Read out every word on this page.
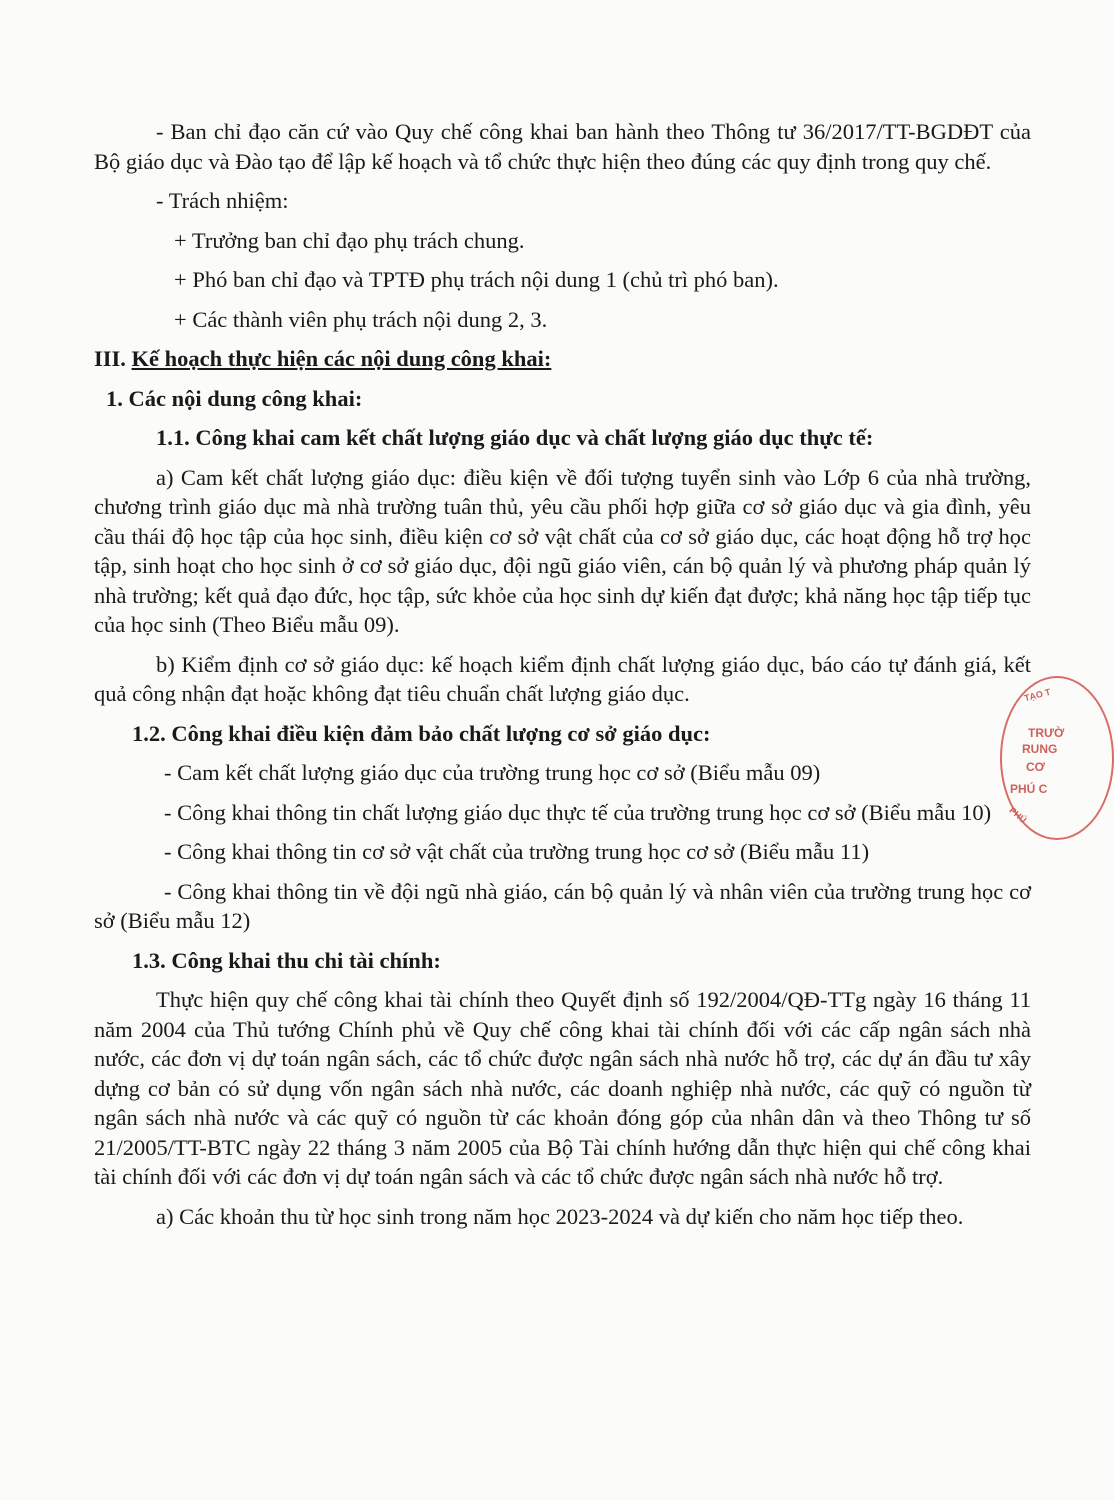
- Ban chỉ đạo căn cứ vào Quy chế công khai ban hành theo Thông tư 36/2017/TT-BGDĐT của Bộ giáo dục và Đào tạo để lập kế hoạch và tổ chức thực hiện theo đúng các quy định trong quy chế.

- Trách nhiệm:

+ Trưởng ban chỉ đạo phụ trách chung.

+ Phó ban chỉ đạo và TPTĐ phụ trách nội dung 1 (chủ trì phó ban).

+ Các thành viên phụ trách nội dung 2, 3.

III. Kế hoạch thực hiện các nội dung công khai:

1. Các nội dung công khai:

1.1. Công khai cam kết chất lượng giáo dục và chất lượng giáo dục thực tế:

a) Cam kết chất lượng giáo dục: điều kiện về đối tượng tuyển sinh vào Lớp 6 của nhà trường, chương trình giáo dục mà nhà trường tuân thủ, yêu cầu phối hợp giữa cơ sở giáo dục và gia đình, yêu cầu thái độ học tập của học sinh, điều kiện cơ sở vật chất của cơ sở giáo dục, các hoạt động hỗ trợ học tập, sinh hoạt cho học sinh ở cơ sở giáo dục, đội ngũ giáo viên, cán bộ quản lý và phương pháp quản lý nhà trường; kết quả đạo đức, học tập, sức khỏe của học sinh dự kiến đạt được; khả năng học tập tiếp tục của học sinh (Theo Biểu mẫu 09).

b) Kiểm định cơ sở giáo dục: kế hoạch kiểm định chất lượng giáo dục, báo cáo tự đánh giá, kết quả công nhận đạt hoặc không đạt tiêu chuẩn chất lượng giáo dục.

1.2. Công khai điều kiện đảm bảo chất lượng cơ sở giáo dục:

- Cam kết chất lượng giáo dục của trường trung học cơ sở (Biểu mẫu 09)

- Công khai thông tin chất lượng giáo dục thực tế của trường trung học cơ sở (Biểu mẫu 10)

- Công khai thông tin cơ sở vật chất của trường trung học cơ sở (Biểu mẫu 11)

- Công khai thông tin về đội ngũ nhà giáo, cán bộ quản lý và nhân viên của trường trung học cơ sở (Biểu mẫu 12)

1.3. Công khai thu chi tài chính:

Thực hiện quy chế công khai tài chính theo Quyết định số 192/2004/QĐ-TTg ngày 16 tháng 11 năm 2004 của Thủ tướng Chính phủ về Quy chế công khai tài chính đối với các cấp ngân sách nhà nước, các đơn vị dự toán ngân sách, các tổ chức được ngân sách nhà nước hỗ trợ, các dự án đầu tư xây dựng cơ bản có sử dụng vốn ngân sách nhà nước, các doanh nghiệp nhà nước, các quỹ có nguồn từ ngân sách nhà nước và các quỹ có nguồn từ các khoản đóng góp của nhân dân và theo Thông tư số 21/2005/TT-BTC ngày 22 tháng 3 năm 2005 của Bộ Tài chính hướng dẫn thực hiện qui chế công khai tài chính đối với các đơn vị dự toán ngân sách và các tổ chức được ngân sách nhà nước hỗ trợ.

a) Các khoản thu từ học sinh trong năm học 2023-2024 và dự kiến cho năm học tiếp theo.

TẠO T
TRƯỜ
RUNG
CƠ
PHÚ C
PHÚ
